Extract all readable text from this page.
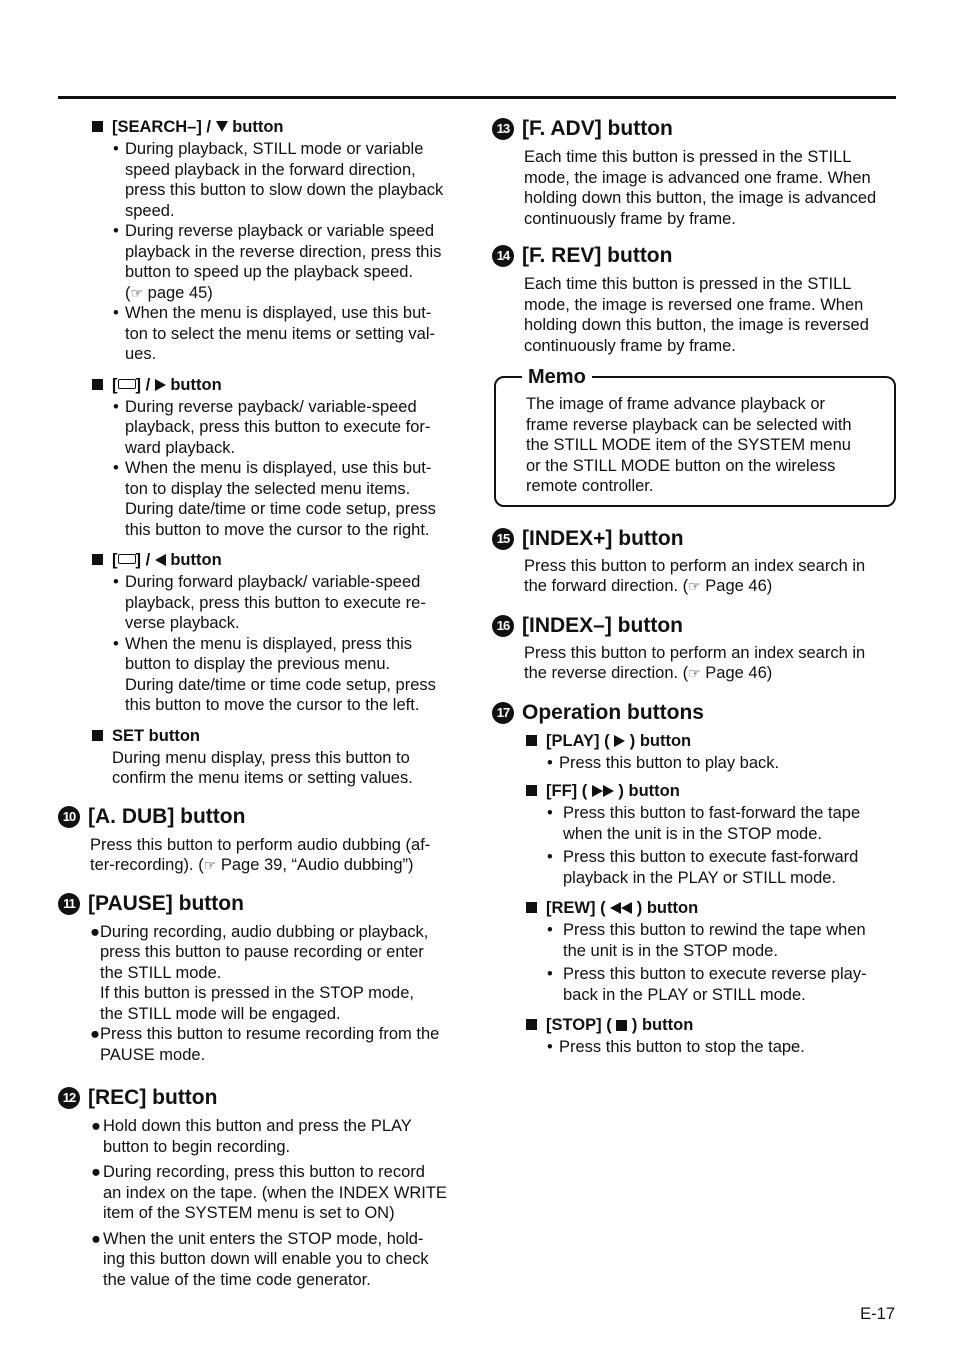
[SEARCH–] / button
• During playback, STILL mode or variable
speed playback in the forward direction,
press this button to slow down the playback
speed.
• During reverse playback or variable speed
playback in the reverse direction, press this
button to speed up the playback speed.
(☞ page 45)
• When the menu is displayed, use this but-
ton to select the menu items or setting val-
ues.
[ ] /  button
• During reverse payback/ variable-speed
playback, press this button to execute for-
ward playback.
• When the menu is displayed, use this but-
ton to display the selected menu items.
During date/time or time code setup, press
this button to move the cursor to the right.
[ ] /  button
• During forward playback/ variable-speed
playback, press this button to execute re-
verse playback.
• When the menu is displayed, press this
button to display the previous menu.
During date/time or time code setup, press
this button to move the cursor to the left.
SET button
During menu display, press this button to
confirm the menu items or setting values.
10 [A. DUB] button
Press this button to perform audio dubbing (af-
ter-recording). (☞ Page 39, “Audio dubbing”)
11 [PAUSE] button
●During recording, audio dubbing or playback,
press this button to pause recording or enter
the STILL mode.
If this button is pressed in the STOP mode,
the STILL mode will be engaged.
●Press this button to resume recording from the
PAUSE mode.
12 [REC] button
● Hold down this button and press the PLAY
button to begin recording.
● During recording, press this button to record
an index on the tape. (when the INDEX WRITE
item of the SYSTEM menu is set to ON)
● When the unit enters the STOP mode, hold-
ing this button down will enable you to check
the value of the time code generator.
13 [F. ADV] button
Each time this button is pressed in the STILL
mode, the image is advanced one frame. When
holding down this button, the image is advanced
continuously frame by frame.
14 [F. REV] button
Each time this button is pressed in the STILL
mode, the image is reversed one frame. When
holding down this button, the image is reversed
continuously frame by frame.
Memo
The image of frame advance playback or
frame reverse playback can be selected with
the STILL MODE item of the SYSTEM menu
or the STILL MODE button on the wireless
remote controller.
15 [INDEX+] button
Press this button to perform an index search in
the forward direction. (☞ Page 46)
16 [INDEX–] button
Press this button to perform an index search in
the reverse direction. (☞ Page 46)
17 Operation buttons
[PLAY] ( ) button
• Press this button to play back.
[FF] ( ) button
• Press this button to fast-forward the tape
when the unit is in the STOP mode.
• Press this button to execute fast-forward
playback in the PLAY or STILL mode.
[REW] ( ) button
• Press this button to rewind the tape when
the unit is in the STOP mode.
• Press this button to execute reverse play-
back in the PLAY or STILL mode.
[STOP] ( ) button
• Press this button to stop the tape.
E-17
